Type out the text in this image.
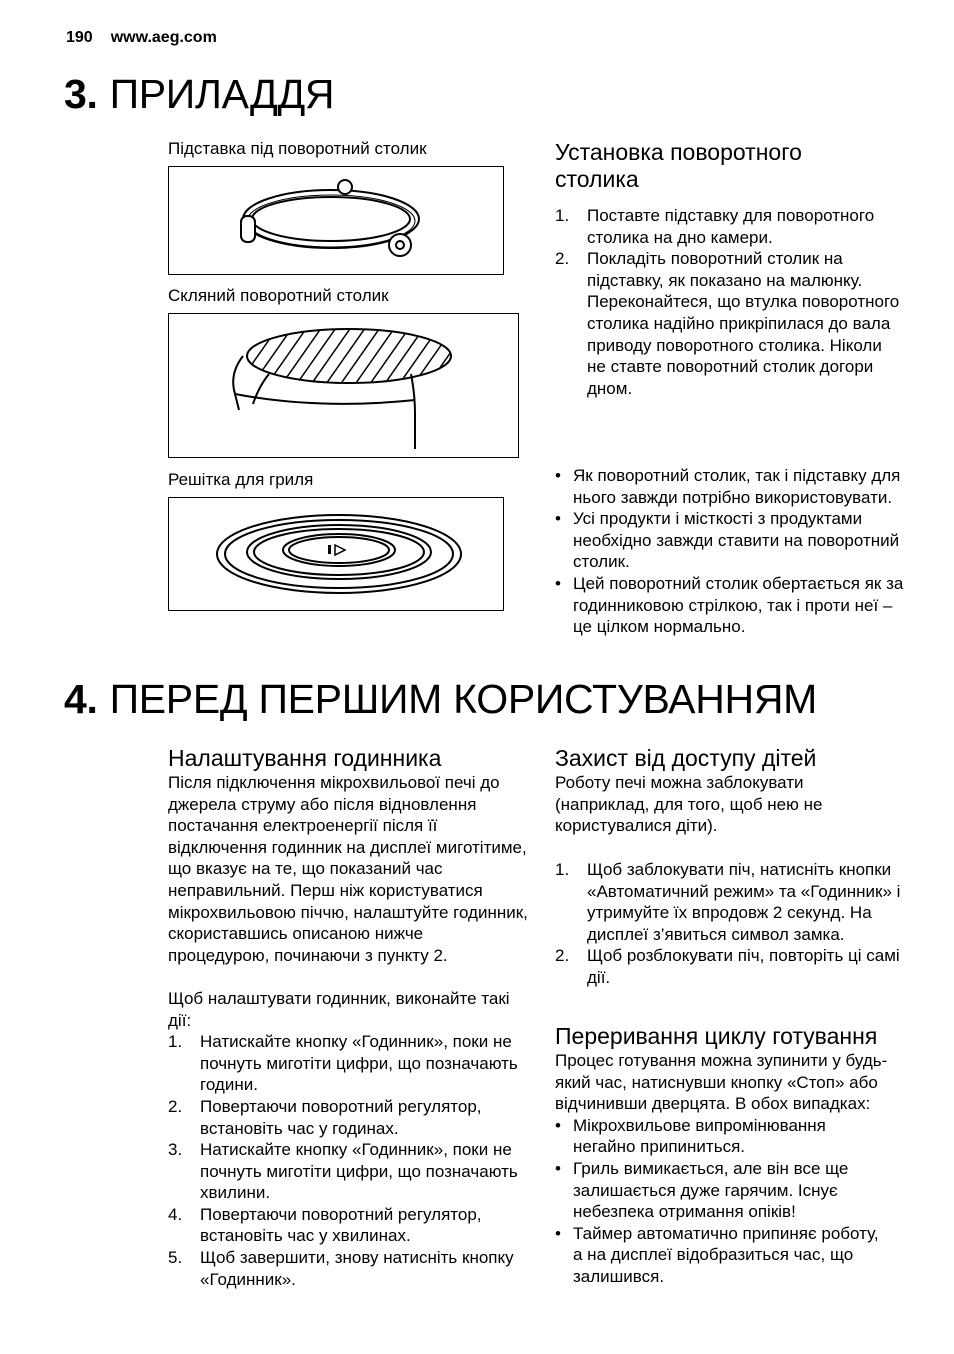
190 www.aeg.com
3. ПРИЛАДДЯ
Підставка під поворотний столик
Скляний поворотний столик
Решітка для гриля
Установка поворотного столика
1. Поставте підставку для поворотного столика на дно камери.
2. Покладіть поворотний столик на підставку, як показано на малюнку. Переконайтеся, що втулка поворотного столика надійно прикріпилася до вала приводу поворотного столика. Ніколи не ставте поворотний столик догори дном.
• Як поворотний столик, так і підставку для нього завжди потрібно використовувати.
• Усі продукти і місткості з продуктами необхідно завжди ставити на поворотний столик.
• Цей поворотний столик обертається як за годинниковою стрілкою, так і проти неї – це цілком нормально.
4. ПЕРЕД ПЕРШИМ КОРИСТУВАННЯМ
Налаштування годинника
Після підключення мікрохвильової печі до джерела струму або після відновлення постачання електроенергії після її відключення годинник на дисплеї миготітиме, що вказує на те, що показаний час неправильний. Перш ніж користуватися мікрохвильовою піччю, налаштуйте годинник, скориставшись описаною нижче процедурою, починаючи з пункту 2.
Щоб налаштувати годинник, виконайте такі дії:
1. Натискайте кнопку «Годинник», поки не почнуть миготіти цифри, що позначають години.
2. Повертаючи поворотний регулятор, встановіть час у годинах.
3. Натискайте кнопку «Годинник», поки не почнуть миготіти цифри, що позначають хвилини.
4. Повертаючи поворотний регулятор, встановіть час у хвилинах.
5. Щоб завершити, знову натисніть кнопку «Годинник».
Захист від доступу дітей
Роботу печі можна заблокувати (наприклад, для того, щоб нею не користувалися діти).
1. Щоб заблокувати піч, натисніть кнопки «Автоматичний режим» та «Годинник» і утримуйте їх впродовж 2 секунд. На дисплеї з’явиться символ замка.
2. Щоб розблокувати піч, повторіть ці самі дії.
Переривання циклу готування
Процес готування можна зупинити у будь-який час, натиснувши кнопку «Стоп» або відчинивши дверцята. В обох випадках:
• Мікрохвильове випромінювання негайно припиниться.
• Гриль вимикається, але він все ще залишається дуже гарячим. Існує небезпека отримання опіків!
• Таймер автоматично припиняє роботу, а на дисплеї відобразиться час, що залишився.
